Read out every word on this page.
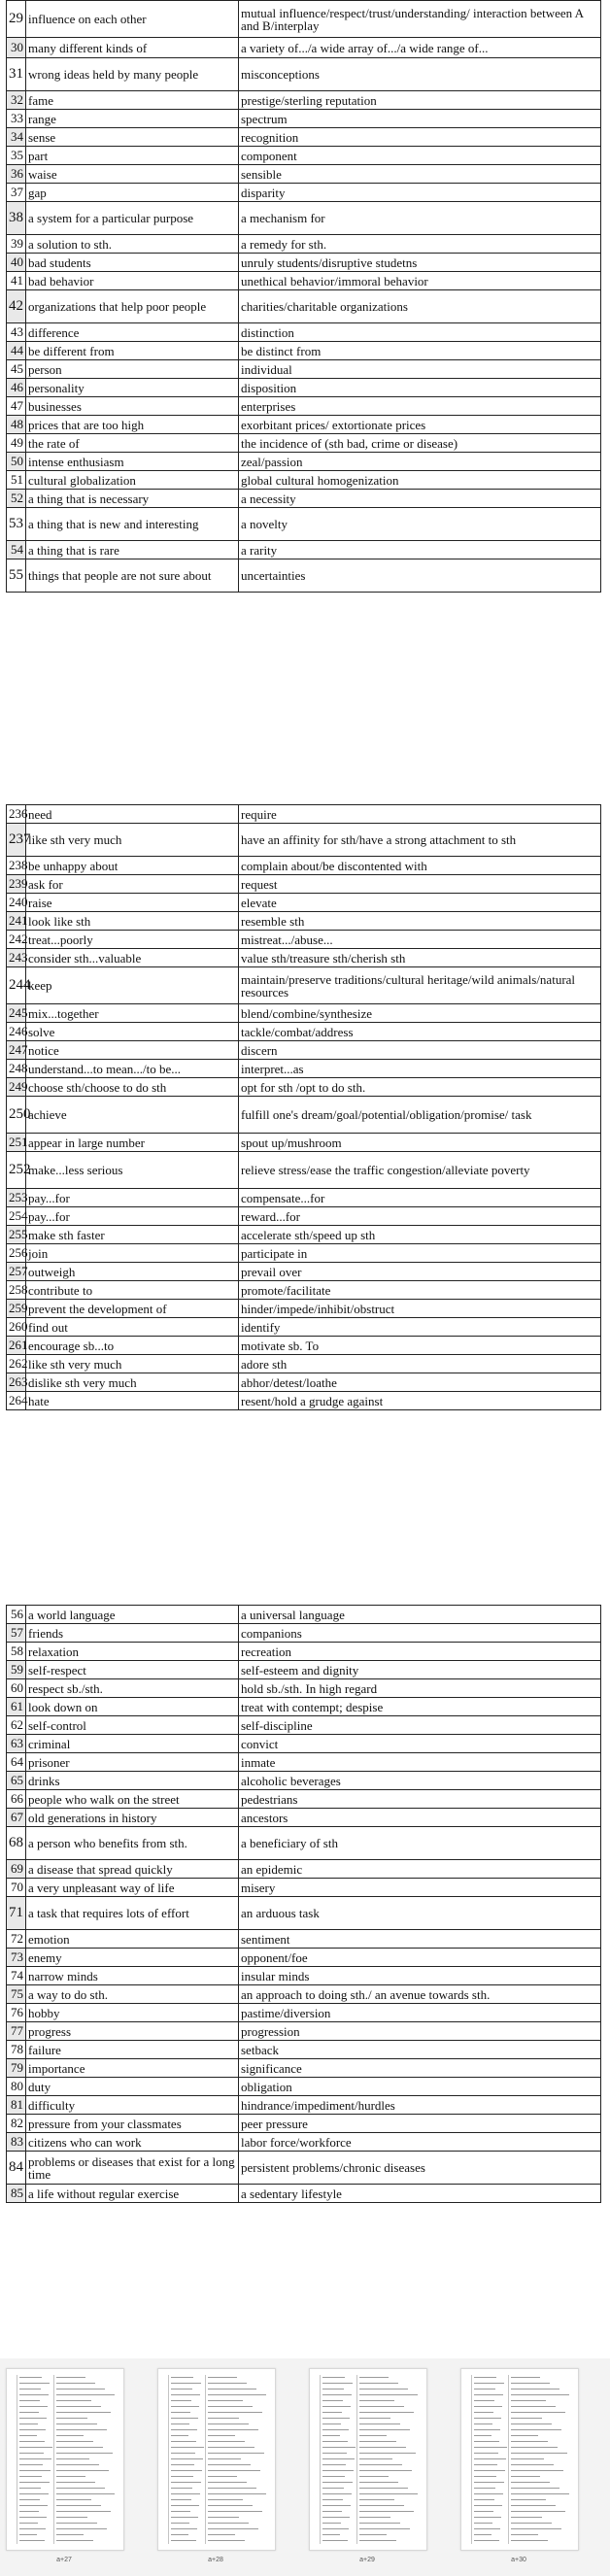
29	influence on each other	mutual influence/respect/trust/understanding/ interaction between A and B/interplay
30	many different kinds of	a variety of.../a wide array of.../a wide range of...
31	wrong ideas held by many people	misconceptions
32	fame	prestige/sterling reputation
33	range	spectrum
34	sense	recognition
35	part	component
36	waise	sensible
37	gap	disparity
38	a system for a particular purpose	a mechanism for
39	a solution to sth.	a remedy for sth.
40	bad students	unruly students/disruptive studetns
41	bad behavior	unethical behavior/immoral behavior
42	organizations that help poor people	charities/charitable organizations
43	difference	distinction
44	be different from	be distinct from
45	person	individual
46	personality	disposition
47	businesses	enterprises
48	prices that are too high	exorbitant prices/ extortionate prices
49	the rate of	the incidence of (sth bad, crime or disease)
50	intense enthusiasm	zeal/passion
51	cultural globalization	global cultural homogenization
52	a thing that is necessary	a necessity
53	a thing that is new and interesting	a novelty
54	a thing that is rare	a rarity
55	things that people are not sure about	uncertainties
236	need	require
237	like sth very much	have an affinity for sth/have a strong attachment to sth
238	be unhappy about	complain about/be discontented with
239	ask for	request
240	raise	elevate
241	look like sth	resemble sth
242	treat...poorly	mistreat.../abuse...
243	consider sth...valuable	value sth/treasure sth/cherish sth
244	keep	maintain/preserve traditions/cultural heritage/wild animals/natural resources
245	mix...together	blend/combine/synthesize
246	solve	tackle/combat/address
247	notice	discern
248	understand...to mean.../to be...	interpret...as
249	choose sth/choose to do sth	opt for sth /opt to do sth.
250	achieve	fulfill one's dream/goal/potential/obligation/promise/ task
251	appear in large number	spout up/mushroom
252	make...less serious	relieve stress/ease the traffic congestion/alleviate poverty
253	pay...for	compensate...for
254	pay...for	reward...for
255	make sth faster	accelerate sth/speed up sth
256	join	participate in
257	outweigh	prevail over
258	contribute to	promote/facilitate
259	prevent the development of	hinder/impede/inhibit/obstruct
260	find out	identify
261	encourage sb...to	motivate sb. To
262	like sth very much	adore sth
263	dislike sth very much	abhor/detest/loathe
264	hate	resent/hold a grudge against
56	a world language	a universal language
57	friends	companions
58	relaxation	recreation
59	self-respect	self-esteem and dignity
60	respect sb./sth.	hold sb./sth. In high regard
61	look down on	treat with contempt; despise
62	self-control	self-discipline
63	criminal	convict
64	prisoner	inmate
65	drinks	alcoholic beverages
66	people who walk on the street	pedestrians
67	old generations in history	ancestors
68	a person who benefits from sth.	a beneficiary of sth
69	a disease that spread quickly	an epidemic
70	a very unpleasant way of life	misery
71	a task that requires lots of effort	an arduous task
72	emotion	sentiment
73	enemy	opponent/foe
74	narrow minds	insular minds
75	a way to do sth.	an approach to doing sth./ an avenue towards sth.
76	hobby	pastime/diversion
77	progress	progression
78	failure	setback
79	importance	significance
80	duty	obligation
81	difficulty	hindrance/impediment/hurdles
82	pressure from your classmates	peer pressure
83	citizens who can work	labor force/workforce
84	problems or diseases that exist for a long time	persistent problems/chronic diseases
85	a life without regular exercise	a sedentary lifestyle
a+27	a+28	a+29	a+30
